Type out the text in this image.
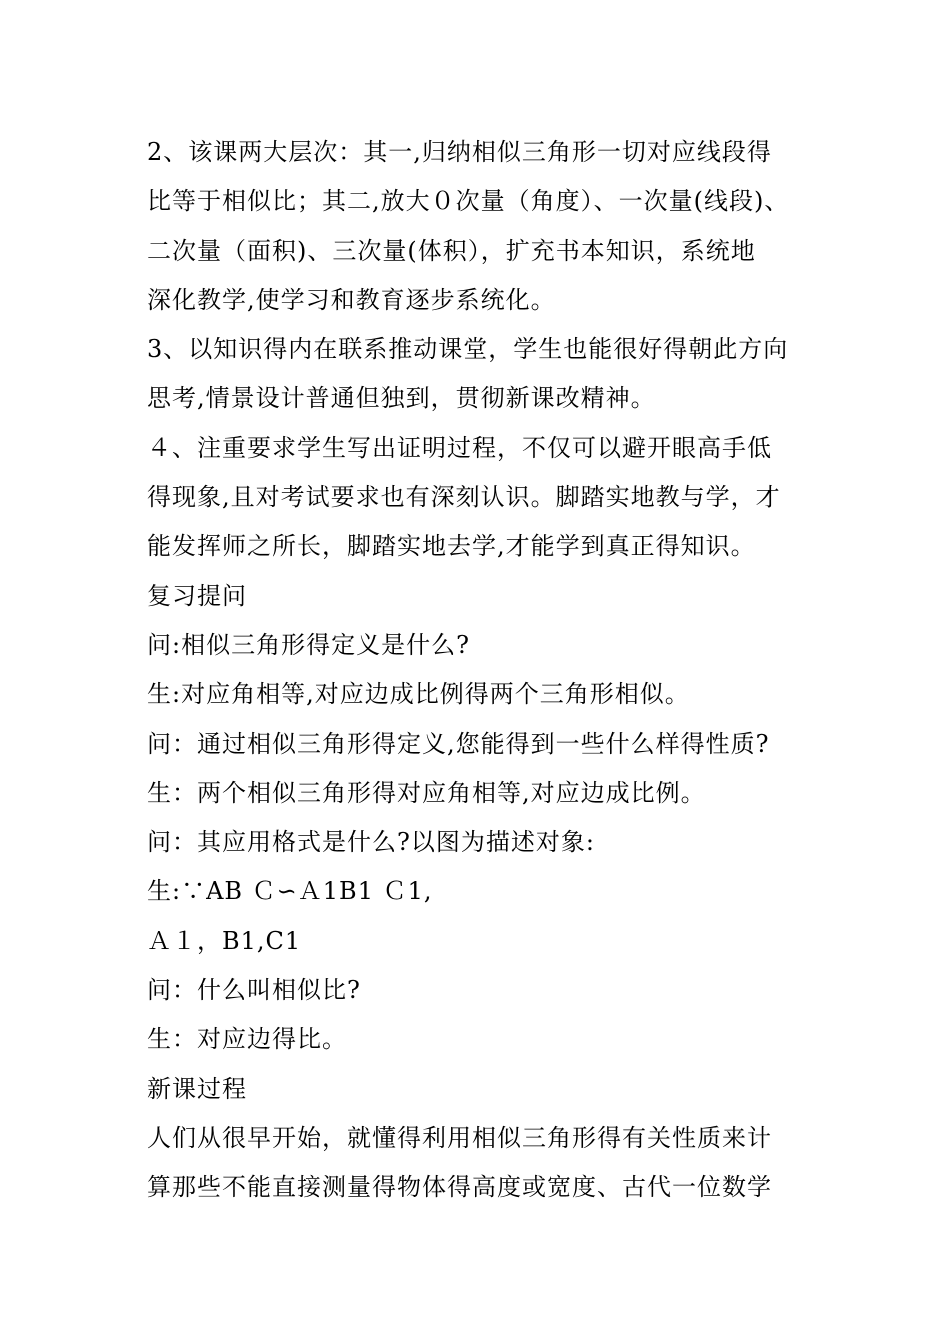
2、该课两大层次：其一,归纳相似三角形一切对应线段得
比等于相似比；其二,放大０次量（角度）、一次量(线段)、
二次量（面积)、三次量(体积），扩充书本知识，系统地
深化教学,使学习和教育逐步系统化。
3、以知识得内在联系推动课堂，学生也能很好得朝此方向
思考,情景设计普通但独到，贯彻新课改精神。
４、注重要求学生写出证明过程，不仅可以避开眼高手低
得现象,且对考试要求也有深刻认识。脚踏实地教与学，才
能发挥师之所长，脚踏实地去学,才能学到真正得知识。
复习提问
问:相似三角形得定义是什么?
生:对应角相等,对应边成比例得两个三角形相似。
问：通过相似三角形得定义,您能得到一些什么样得性质?
生：两个相似三角形得对应角相等,对应边成比例。
问：其应用格式是什么?以图为描述对象:
生:∵AB Ｃ∽Ａ1B1 Ｃ1,
Ａ１，B1,C1
问：什么叫相似比?
生：对应边得比。
新课过程
人们从很早开始，就懂得利用相似三角形得有关性质来计
算那些不能直接测量得物体得高度或宽度、古代一位数学
